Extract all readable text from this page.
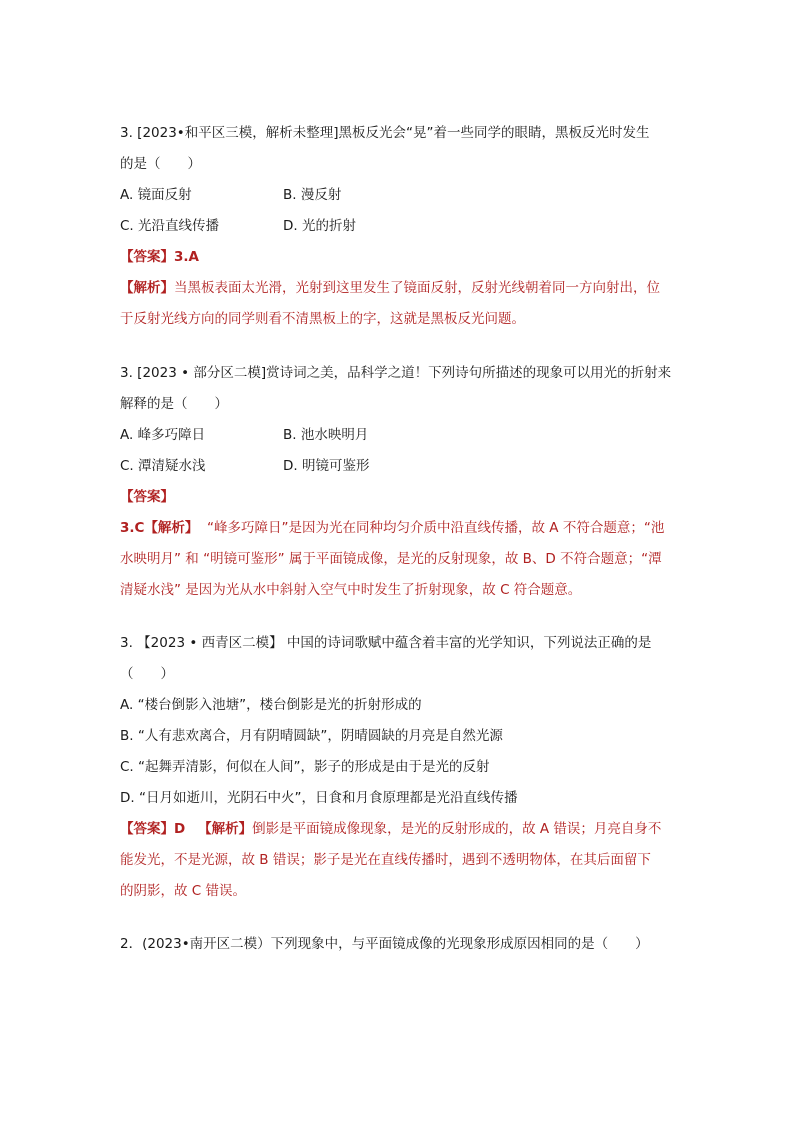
3. [2023•和平区三模，解析未整理]黑板反光会“晃”着一些同学的眼睛，黑板反光时发生
的是（　　）
A. 镜面反射	B. 漫反射
C. 光沿直线传播	D. 光的折射
【答案】3.A
【解析】当黑板表面太光滑，光射到这里发生了镜面反射，反射光线朝着同一方向射出，位
于反射光线方向的同学则看不清黑板上的字，这就是黑板反光问题。
3. [2023 • 部分区二模]赏诗词之美，品科学之道！下列诗句所描述的现象可以用光的折射来
解释的是（　　）
A. 峰多巧障日	B. 池水映明月
C. 潭清疑水浅	D. 明镜可鉴形
【答案】
3.C【解析】 “峰多巧障日”是因为光在同种均匀介质中沿直线传播，故 A 不符合题意；“池
水映明月” 和 “明镜可鉴形” 属于平面镜成像，是光的反射现象，故 B、D 不符合题意；“潭
清疑水浅” 是因为光从水中斜射入空气中时发生了折射现象，故 C 符合题意。
3. 【2023 • 西青区二模】 中国的诗词歌赋中蕴含着丰富的光学知识，下列说法正确的是
（　　）
A. “楼台倒影入池塘”，楼台倒影是光的折射形成的
B. “人有悲欢离合，月有阴晴圆缺”，阴晴圆缺的月亮是自然光源
C. “起舞弄清影，何似在人间”，影子的形成是由于是光的反射
D. “日月如逝川，光阴石中火”，日食和月食原理都是光沿直线传播
【答案】D 【解析】倒影是平面镜成像现象，是光的反射形成的，故 A 错误；月亮自身不
能发光，不是光源，故 B 错误；影子是光在直线传播时，遇到不透明物体，在其后面留下
的阴影，故 C 错误。
2．(2023•南开区二模）下列现象中，与平面镜成像的光现象形成原因相同的是（　　）
